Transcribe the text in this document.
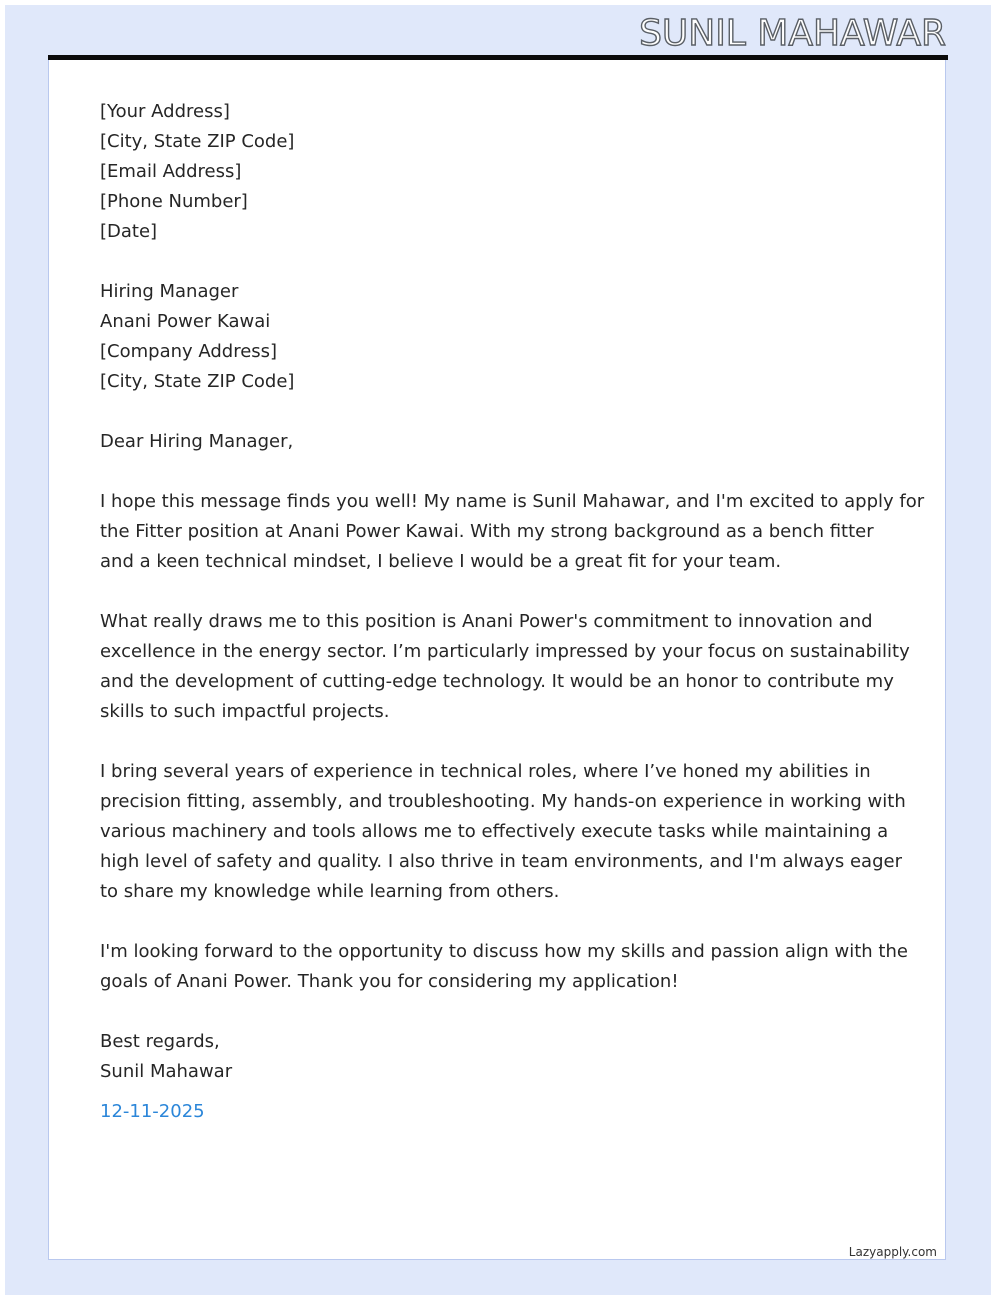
SUNIL MAHAWAR
[Your Address]
[City, State ZIP Code]
[Email Address]
[Phone Number]
[Date]
Hiring Manager
Anani Power Kawai
[Company Address]
[City, State ZIP Code]
Dear Hiring Manager,
I hope this message finds you well! My name is Sunil Mahawar, and I'm excited to apply for
the Fitter position at Anani Power Kawai. With my strong background as a bench fitter
and a keen technical mindset, I believe I would be a great fit for your team.
What really draws me to this position is Anani Power's commitment to innovation and
excellence in the energy sector. I’m particularly impressed by your focus on sustainability
and the development of cutting-edge technology. It would be an honor to contribute my
skills to such impactful projects.
I bring several years of experience in technical roles, where I’ve honed my abilities in
precision fitting, assembly, and troubleshooting. My hands-on experience in working with
various machinery and tools allows me to effectively execute tasks while maintaining a
high level of safety and quality. I also thrive in team environments, and I'm always eager
to share my knowledge while learning from others.
I'm looking forward to the opportunity to discuss how my skills and passion align with the
goals of Anani Power. Thank you for considering my application!
Best regards,
Sunil Mahawar
12-11-2025
Lazyapply.com
